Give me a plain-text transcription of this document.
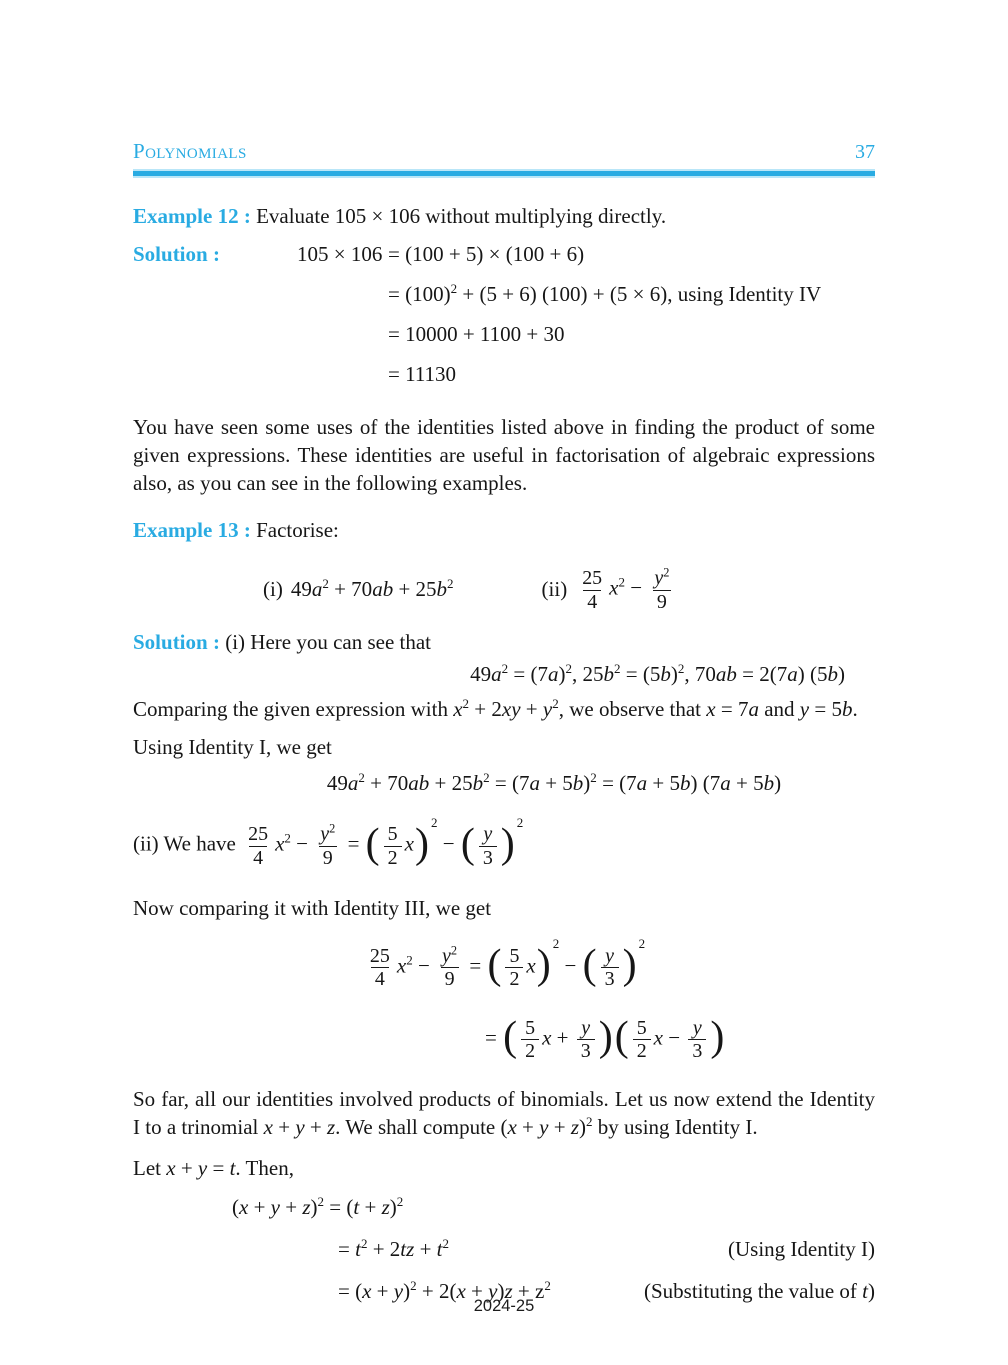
Polynomials	37

Example 12 : Evaluate 105 × 106 without multiplying directly.

Solution :	105 × 106 = (100 + 5) × (100 + 6)
= $(100)^2 + (5 + 6) (100) + (5 \times 6)$, using Identity IV
= 10000 + 1100 + 30
= 11130

You have seen some uses of the identities listed above in finding the product of some given expressions. These identities are useful in factorisation of algebraic expressions also, as you can see in the following examples.

Example 13 : Factorise:

(i) $49a^2 + 70ab + 25b^2$	$(ii) \frac{25}{4} x^2 - \frac{y^2}{9}$

Solution : (i) Here you can see that

$49a^2 = (7a)^2$, $25b^2 = (5b)^2$, 70ab = 2(7a) (5b)

Comparing the given expression with $x^2 + 2xy + y^2$, we observe that x = 7a and y = 5b.

Using Identity I, we get

$49a^2 + 70ab + 25b^2 = (7a + 5b)^2 = (7a + 5b) (7a + 5b)$

(ii) We have $\frac{25}{4} x^2 - \frac{y^2}{9}$ = ( $\frac{5}{2} x$) $^2$ − ( $\frac{y}{3}$ ) $^2$

Now comparing it with Identity III, we get

$\frac{25}{4} x^2 - \frac{y^2}{9}$ = ( $\frac{5}{2} x$) $^2$ − ( $\frac{y}{3}$ ) $^2$

= ( $\frac{5}{2}$ $x + \frac{y}{3}$ )( $\frac{5}{2}$ $x - \frac{y}{3}$ )

So far, all our identities involved products of binomials. Let us now extend the Identity I to a trinomial x + y + z. We shall compute $(x + y + z)^2$ by using Identity I.

Let x + y = t. Then,

$(x + y + z)^2 = (t + z)^2$

= $t^2 + 2tz + t^2$	(Using Identity I)
= $(x + y)^2 + 2(x + y)z + z^2$	(Substituting the value of t)
2024-25
